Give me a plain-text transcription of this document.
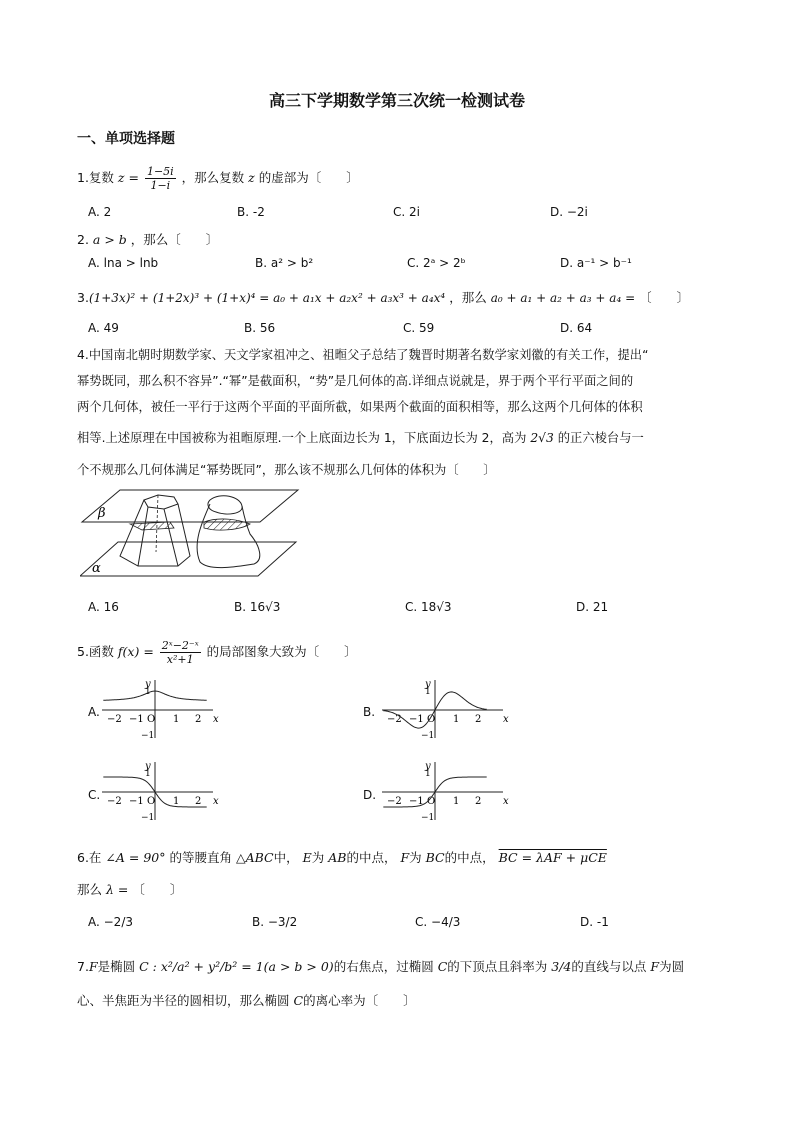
高三下学期数学第三次统一检测试卷
一、单项选择题
1.复数 $z = \frac{1-5i}{1-i}$ ，那么复数 z 的虚部为〔　　〕
A. 2	B. -2	C. 2i	D. −2i
2. a > b ，那么〔　　〕
A. lna > lnb	B. a² > b²	C. 2ᵃ > 2ᵇ	D. a⁻¹ > b⁻¹
3.(1+3x)² + (1+2x)³ + (1+x)⁴ = a₀ + a₁x + a₂x² + a₃x³ + a₄x⁴ ，那么 a₀ + a₁ + a₂ + a₃ + a₄ = 〔　　〕
A. 49	B. 56	C. 59	D. 64
4.中国南北朝时期数学家、天文学家祖冲之、祖暅父子总结了魏晋时期著名数学家刘徽的有关工作，提出“
幂势既同，那么积不容异”.“幂”是截面积，“势”是几何体的高.详细点说就是，界于两个平行平面之间的
两个几何体，被任一平行于这两个平面的平面所截，如果两个截面的面积相等，那么这两个几何体的体积
相等.上述原理在中国被称为祖暅原理.一个上底面边长为 1，下底面边长为 2，高为 2√3 的正六棱台与一
个不规那么几何体满足“幂势既同”，那么该不规那么几何体的体积为〔　　〕
β
α
A. 16	B. 16√3	C. 18√3	D. 21
5.函数 $f(x) = \frac{\text{2ˣ−2⁻ˣ}}{\text{x²+1}}$ 的局部图象大致为〔　　〕
A.	B.
C.	D.
−2 −1 O 1 2 x
y
1
−1
−2 −1 O 1 2 x
y
1
−1
−2 −1 O 1 2 x
y
1
−1
−2 −1 O 1 2 x
y
1
−1
6.在 ∠A = 90° 的等腰直角 △ABC中， E为 AB的中点， F为 BC的中点， BC = λAF + μCE
那么 λ = 〔　　〕
A. −2/3	B. −3/2	C. −4/3	D. -1
7.F是椭圆 C : x²/a² + y²/b² = 1(a > b > 0)的右焦点，过椭圆 C的下顶点且斜率为 3/4的直线与以点 F为圆
心、半焦距为半径的圆相切，那么椭圆 C的离心率为〔　　〕
